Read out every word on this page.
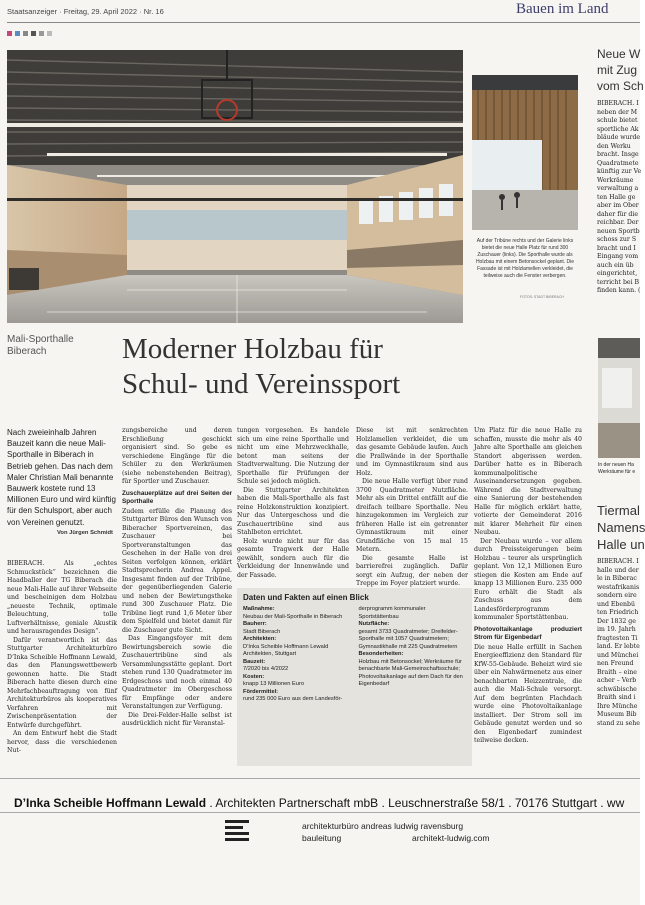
Staatsanzeiger · Freitag, 29. April 2022 · Nr. 16	Bauen im Land
Auf der Tribüne rechts und der Galerie links bietet die neue Halle Platz für rund 300 Zuschauer (links). Die Sporthalle wurde als Holzbau mit einem Betonsockel geplant. Die Fassade ist mit Holzlamellen verkleidet, die teilweise auch die Fenster verbergen.
FOTOS: STADT BIBERACH
Mali-Sporthalle
Biberach	Moderner Holzbau für
Schul- und Vereinssport
Nach zweieinhalb Jahren Bauzeit kann die neue Mali-Sporthalle in Biberach in Betrieb gehen. Das nach dem Maler Christian Mali benannte Bauwerk kostete rund 13 Millionen Euro und wird künftig für den Schulsport, aber auch von Vereinen genutzt.
Von Jürgen Schmidt

BIBERACH. Als „echtes Schmuckstück“ bezeichnen die Haadballer der TG Biberach die neue Mali-Halle auf ihrer Webseite und bescheinigen dem Holzbau „neueste Technik, optimale Beleuchtung, tolle Luftverhältnisse, geniale Akustik und herausragendes Design“.

Dafür verantwortlich ist das Stuttgarter Architekturbüro D’Inka Scheible Hoffmann Lewald, das den Planungswettbewerb gewonnen hatte. Die Stadt Biberach hatte diesen durch eine Mehrfachbeauftragung von fünf Architekturbüros als kooperatives Verfahren mit Zwischenpräsentation der Entwürfe durchgeführt.

An dem Entwurf hebt die Stadt hervor, dass die verschiedenen Nut-

zungsbereiche und deren Erschließung geschickt organisiert sind. So gebe es verschiedene Eingänge für die Schüler zu den Werkräumen (siehe nebenstehenden Beitrag), für Sportler und Zuschauer.

Zuschauerplätze auf drei Seiten der Sporthalle

Zudem erfülle die Planung des Stuttgarter Büros den Wunsch von Biberacher Sportvereinen, das Zuschauer bei Sportveranstaltungen das Geschehen in der Halle von drei Seiten verfolgen können, erklärt Stadtsprecherin Andrea Appel. Insgesamt finden auf der Tribüne, der gegenüberliegenden Galerie und neben der Bewirtungstheke rund 300 Zuschauer Platz. Die Tribüne liegt rund 1,6 Meter über dem Spielfeld und bietet damit für die Zuschauer gute Sicht.

Das Eingangsfoyer mit dem Bewirtungsbereich sowie die Zuschauertribüne sind als Versammlungsstätte geplant. Dort stehen rund 130 Quadratmeter im Erdgeschoss und noch einmal 40 Quadratmeter im Obergeschoss für Empfänge oder andere Veranstaltungen zur Verfügung.

Die Drei-Felder-Halle selbst ist ausdrücklich nicht für Veranstal-

tungen vorgesehen. Es handele sich um eine reine Sporthalle und nicht um eine Mehrzweckhalle, betont man seitens der Stadtverwaltung. Die Nutzung der Sporthalle für Prüfungen der Schule sei jedoch möglich.

Die Stuttgarter Architekten haben die Mali-Sporthalle als fast reine Holzkonstruktion konzipiert. Nur das Untergeschoss und die Zuschauertribüne sind aus Stahlbeton errichtet.

Holz wurde nicht nur für das gesamte Tragwerk der Halle gewählt, sondern auch für die Verkleidung der Innenwände und der Fassade.

Diese ist mit senkrechten Holzlamellen verkleidet, die um das gesamte Gebäude laufen. Auch die Prallwände in der Sporthalle und im Gymnastikraum sind aus Holz.

Die neue Halle verfügt über rund 3700 Quadratmeter Nutzfläche. Mehr als ein Drittel entfällt auf die dreifach teilbare Sporthalle. Neu hinzugekommen im Vergleich zur früheren Halle ist ein getrennter Gymnastikraum mit einer Grundfläche von 15 mal 15 Metern.

Die gesamte Halle ist barrierefrei zugänglich. Dafür sorgt ein Aufzug, der neben der Treppe im Foyer platziert wurde.

Um Platz für die neue Halle zu schaffen, musste die mehr als 40 Jahre alte Sporthalle am gleichen Standort abgerissen werden. Darüber hatte es in Biberach kommunalpolitische Auseinandersetzungen gegeben. Während die Stadtverwaltung eine Sanierung der bestehenden Halle für möglich erklärt hatte, votierte der Gemeinderat 2016 mit klarer Mehrheit für einen Neubau.

Der Neubau wurde – vor allem durch Preissteigerungen beim Holzbau – teurer als ursprünglich geplant. Von 12,1 Millionen Euro stiegen die Kosten am Ende auf knapp 13 Millionen Euro. 235 000 Euro erhält die Stadt als Zuschuss aus dem Landesförderprogramm kommunaler Sportstättenbau.

Photovoltaikanlage produziert Strom für Eigenbedarf

Die neue Halle erfüllt in Sachen Energieeffizienz den Standard für KfW-55-Gebäude. Beheizt wird sie über ein Nahwärmenetz aus einer benachbarten Heizzentrale, die auch die Mali-Schule versorgt. Auf dem begrünten Flachdach wurde eine Photovoltaikanlage installiert. Der Strom soll im Gebäude genutzt werden und so den Eigenbedarf zumindest teilweise decken.

Daten und Fakten auf einen Blick
Maßnahme:
Neubau der Mali-Sporthalle in Biberach
Bauherr:
Stadt Biberach
Architekten:
D’Inka Scheible Hoffmann Lewald Architekten, Stuttgart
Bauzeit:
7/2020 bis 4/2022
Kosten:
knapp 13 Millionen Euro
Fördermittel:
rund 235 000 Euro aus dem Landesför-
derprogramm kommunaler Sportstättenbau
Nutzfläche:
gesamt 3733 Quadratmeter; Dreifelder-Sporthalle mit 1057 Quadratmetern; Gymnastikhalle mit 225 Quadratmetern
Besonderheiten:
Holzbau mit Betonsockel; Werkräume für benachbarte Mali-Gemeinschaftsschule; Photovoltaikanlage auf dem Dach für den Eigenbedarf
Neue W
mit Zug
vom Sch
BIBERACH. I
neben der M
schule bietet
sportliche Ak
bläude wurde
den Werku
bracht. Insge
Quadratmete
künftig zur Ve
Werkräume
verwaltung a
ten Halle ge
aber im Ober
daher für die
reichbar. Der
neuen Sportb
schoss zur S
bracht und I
Eingang vom
auch ein üb
eingerichtet,
terricht bei B
finden kann. (
In der neuen Ha Werkräume für e
Tiermal
Namens
Halle un
BIBERACH. I
halle und der
le in Biberac
westafrikanis
sondern eire
und Ebenbü
ten Friedrich
Der 1832 ge
im 19. Jahrh
fragtesten Ti
land. Er lebte
und Münchei
nen Freund
Braith – eine
acher – Verb
schwäbische
Braith sind i
Ihre Münche
Museum Bib
stand zu sehe
D’Inka Scheible Hoffmann Lewald . Architekten Partnerschaft mbB . Leuschnerstraße 58/1 . 70176 Stuttgart . ww
architekturbüro andreas ludwig ravensburg
bauleitung	architekt-ludwig.com
